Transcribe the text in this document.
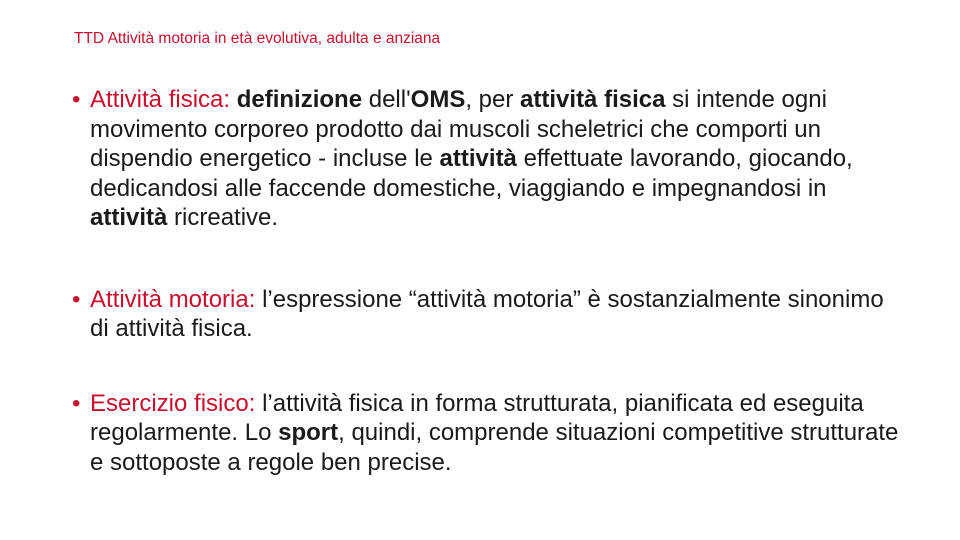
TTD Attività motoria in età evolutiva, adulta e anziana
• Attività fisica: definizione dell'OMS, per attività fisica si intende ogni movimento corporeo prodotto dai muscoli scheletrici che comporti un dispendio energetico - incluse le attività effettuate lavorando, giocando, dedicandosi alle faccende domestiche, viaggiando e impegnandosi in attività ricreative.
• Attività motoria: l’espressione “attività motoria” è sostanzialmente sinonimo di attività fisica.
• Esercizio fisico: l’attività fisica in forma strutturata, pianificata ed eseguita regolarmente. Lo sport, quindi, comprende situazioni competitive strutturate e sottoposte a regole ben precise.
